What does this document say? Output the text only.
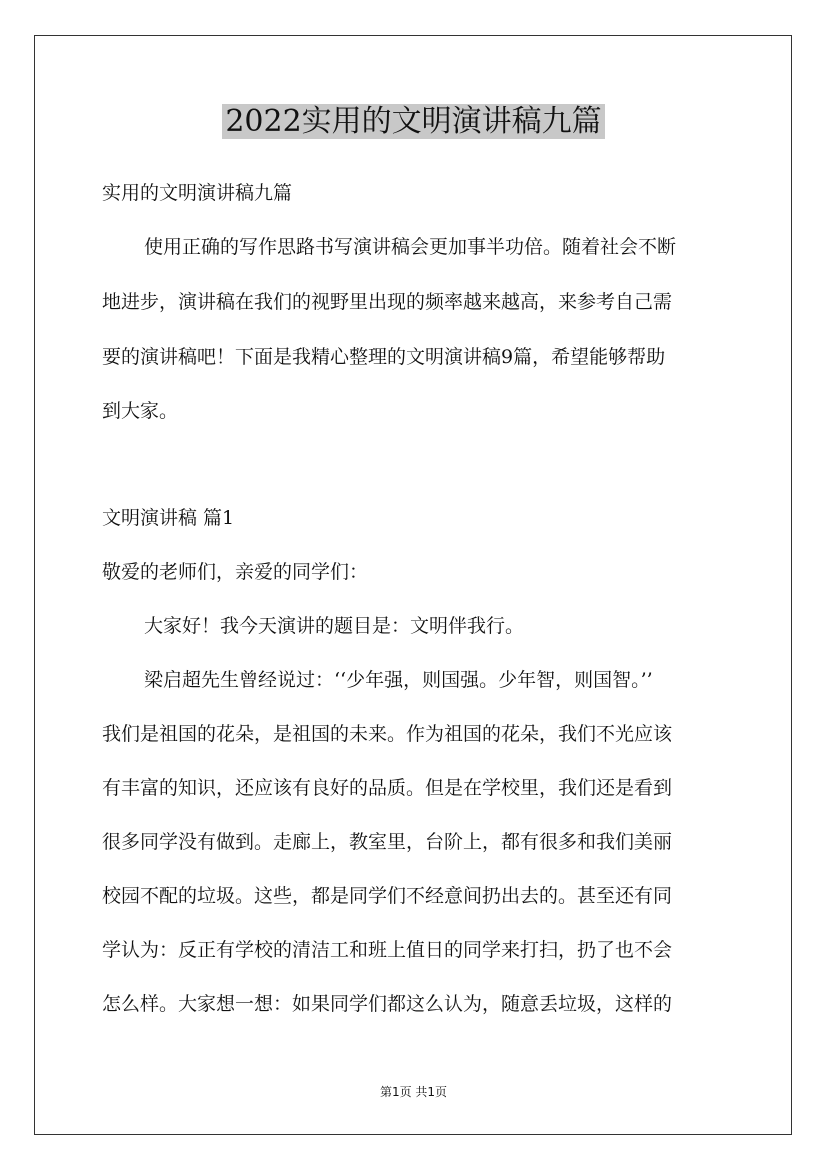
2022实用的文明演讲稿九篇
实用的文明演讲稿九篇
使用正确的写作思路书写演讲稿会更加事半功倍。随着社会不断
地进步，演讲稿在我们的视野里出现的频率越来越高，来参考自己需
要的演讲稿吧！下面是我精心整理的文明演讲稿9篇，希望能够帮助
到大家。
文明演讲稿 篇1
敬爱的老师们，亲爱的同学们：
大家好！我今天演讲的题目是：文明伴我行。
梁启超先生曾经说过：‘‘少年强，则国强。少年智，则国智。’’
我们是祖国的花朵，是祖国的未来。作为祖国的花朵，我们不光应该
有丰富的知识，还应该有良好的品质。但是在学校里，我们还是看到
很多同学没有做到。走廊上，教室里，台阶上，都有很多和我们美丽
校园不配的垃圾。这些，都是同学们不经意间扔出去的。甚至还有同
学认为：反正有学校的清洁工和班上值日的同学来打扫，扔了也不会
怎么样。大家想一想：如果同学们都这么认为，随意丢垃圾，这样的
第1页 共1页
